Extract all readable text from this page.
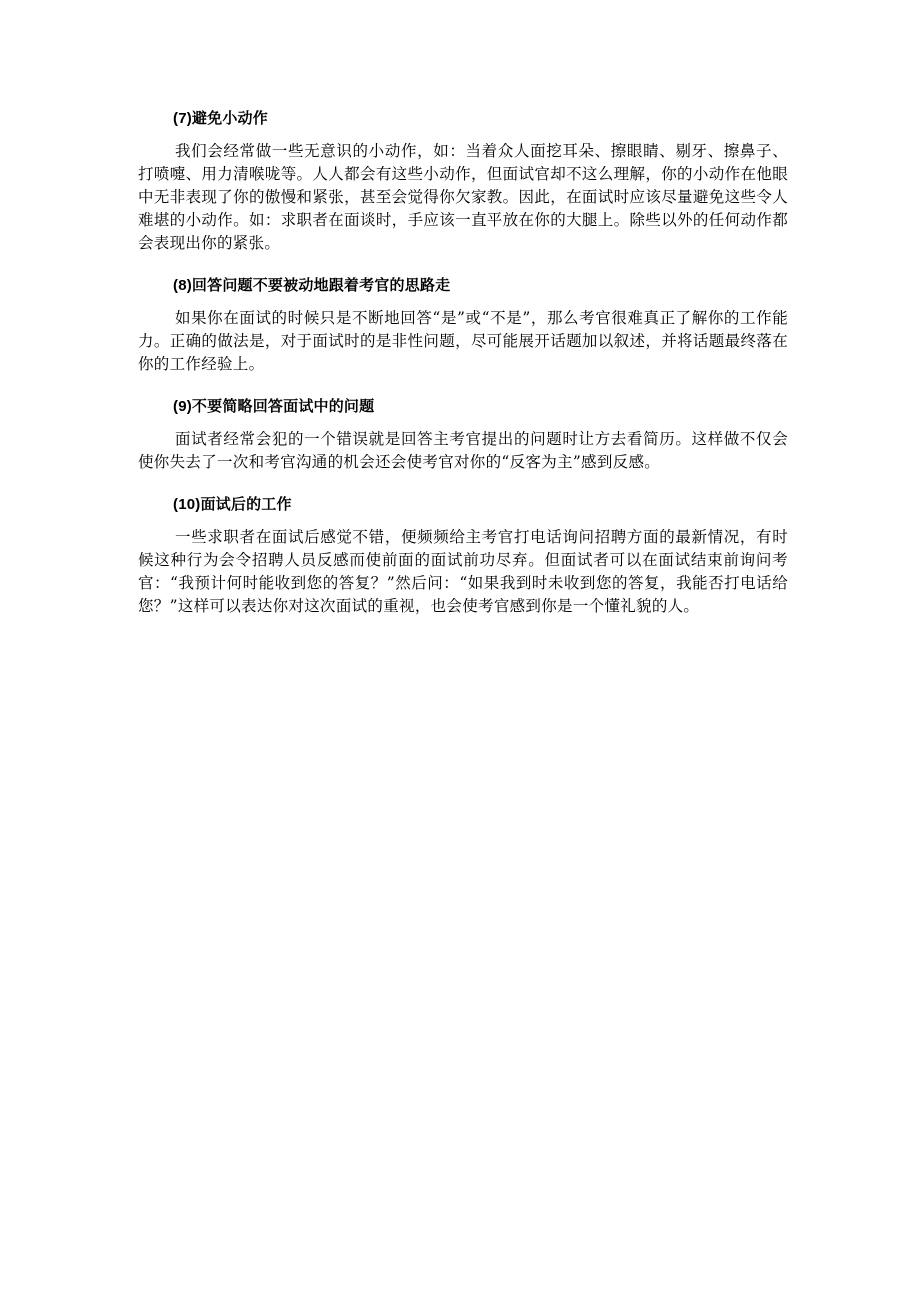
(7)避免小动作

我们会经常做一些无意识的小动作，如：当着众人面挖耳朵、擦眼睛、剔牙、擦鼻子、打喷嚏、用力清喉咙等。人人都会有这些小动作，但面试官却不这么理解，你的小动作在他眼中无非表现了你的傲慢和紧张，甚至会觉得你欠家教。因此，在面试时应该尽量避免这些令人难堪的小动作。如：求职者在面谈时，手应该一直平放在你的大腿上。除些以外的任何动作都会表现出你的紧张。

(8)回答问题不要被动地跟着考官的思路走

如果你在面试的时候只是不断地回答“是”或“不是”，那么考官很难真正了解你的工作能力。正确的做法是，对于面试时的是非性问题，尽可能展开话题加以叙述，并将话题最终落在你的工作经验上。

(9)不要简略回答面试中的问题

面试者经常会犯的一个错误就是回答主考官提出的问题时让方去看简历。这样做不仅会使你失去了一次和考官沟通的机会还会使考官对你的“反客为主”感到反感。

(10)面试后的工作

一些求职者在面试后感觉不错，便频频给主考官打电话询问招聘方面的最新情况，有时候这种行为会令招聘人员反感而使前面的面试前功尽弃。但面试者可以在面试结束前询问考官：“我预计何时能收到您的答复？”然后问：“如果我到时未收到您的答复，我能否打电话给您？”这样可以表达你对这次面试的重视，也会使考官感到你是一个懂礼貌的人。
